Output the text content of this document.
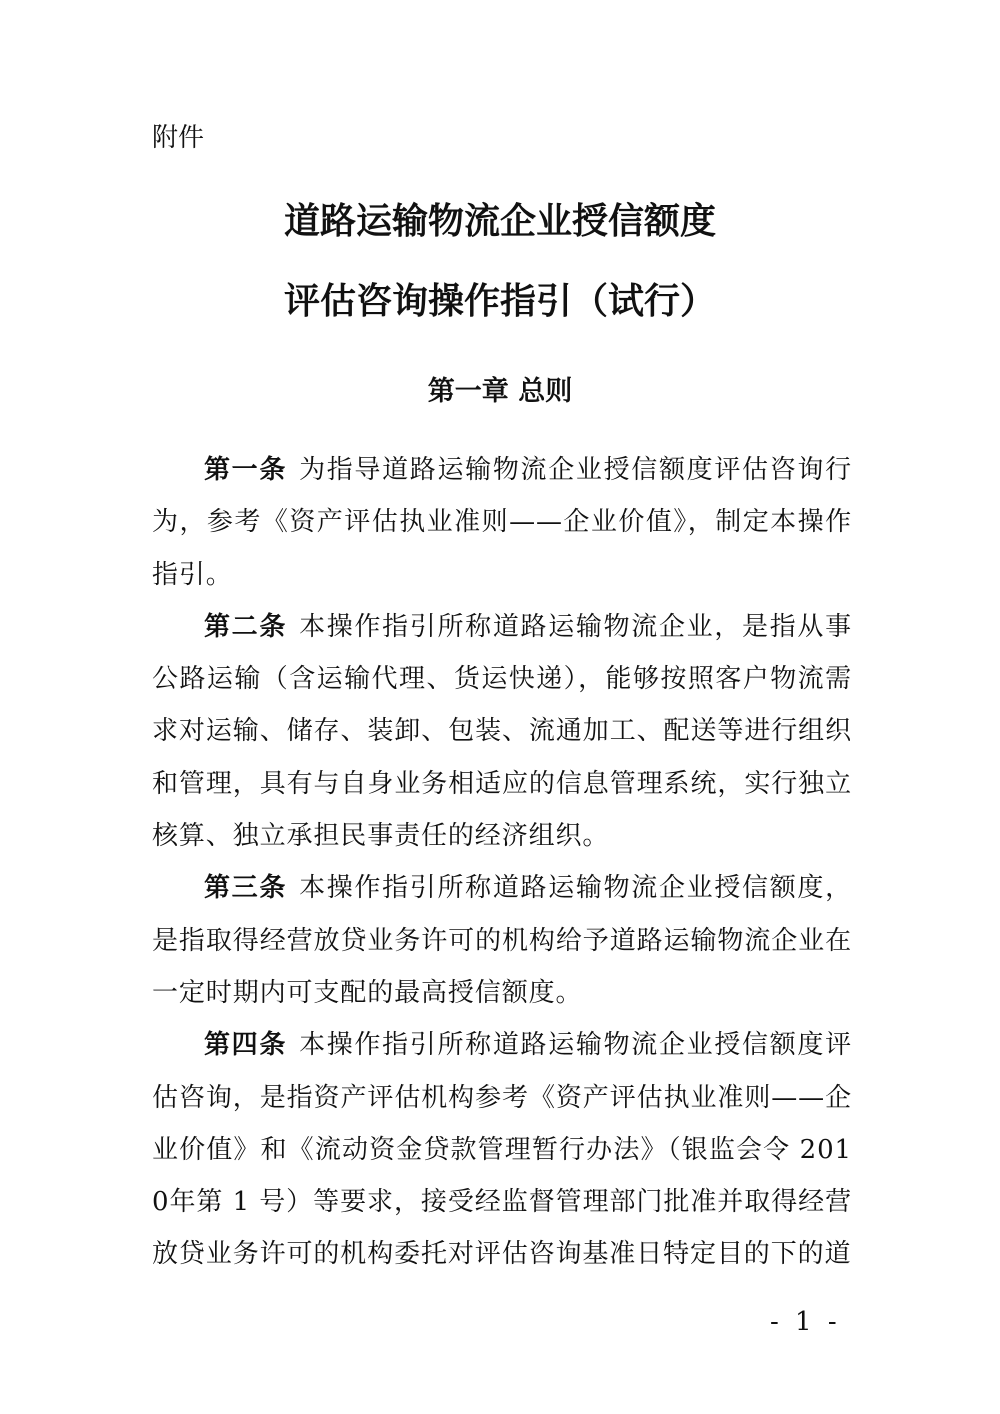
附件
道路运输物流企业授信额度
评估咨询操作指引（试行）
第一章 总则

第一条 为指导道路运输物流企业授信额度评估咨询行为，参考《资产评估执业准则——企业价值》，制定本操作指引。

第二条 本操作指引所称道路运输物流企业，是指从事公路运输（含运输代理、货运快递），能够按照客户物流需求对运输、储存、装卸、包装、流通加工、配送等进行组织和管理，具有与自身业务相适应的信息管理系统，实行独立核算、独立承担民事责任的经济组织。

第三条 本操作指引所称道路运输物流企业授信额度，是指取得经营放贷业务许可的机构给予道路运输物流企业在一定时期内可支配的最高授信额度。

第四条 本操作指引所称道路运输物流企业授信额度评估咨询，是指资产评估机构参考《资产评估执业准则——企业价值》和《流动资金贷款管理暂行办法》（银监会令 2010年第 1 号）等要求，接受经监督管理部门批准并取得经营放贷业务许可的机构委托对评估咨询基准日特定目的下的道

- 1 -
